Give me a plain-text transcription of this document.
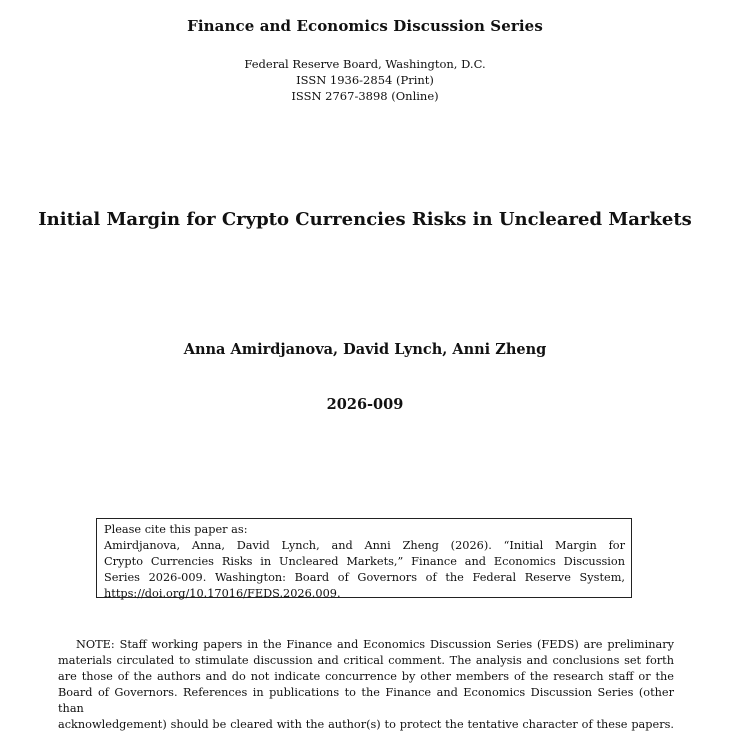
Finance and Economics Discussion Series
Federal Reserve Board, Washington, D.C.
ISSN 1936-2854 (Print)
ISSN 2767-3898 (Online)
Initial Margin for Crypto Currencies Risks in Uncleared Markets
Anna Amirdjanova, David Lynch, Anni Zheng
2026-009
Please cite this paper as:
Amirdjanova, Anna, David Lynch, and Anni Zheng (2026). “Initial Margin for
Crypto Currencies Risks in Uncleared Markets,” Finance and Economics Discussion
Series 2026-009. Washington: Board of Governors of the Federal Reserve System,
https://doi.org/10.17016/FEDS.2026.009.
NOTE: Staff working papers in the Finance and Economics Discussion Series (FEDS) are preliminary
materials circulated to stimulate discussion and critical comment. The analysis and conclusions set forth
are those of the authors and do not indicate concurrence by other members of the research staff or the
Board of Governors. References in publications to the Finance and Economics Discussion Series (other than
acknowledgement) should be cleared with the author(s) to protect the tentative character of these papers.
